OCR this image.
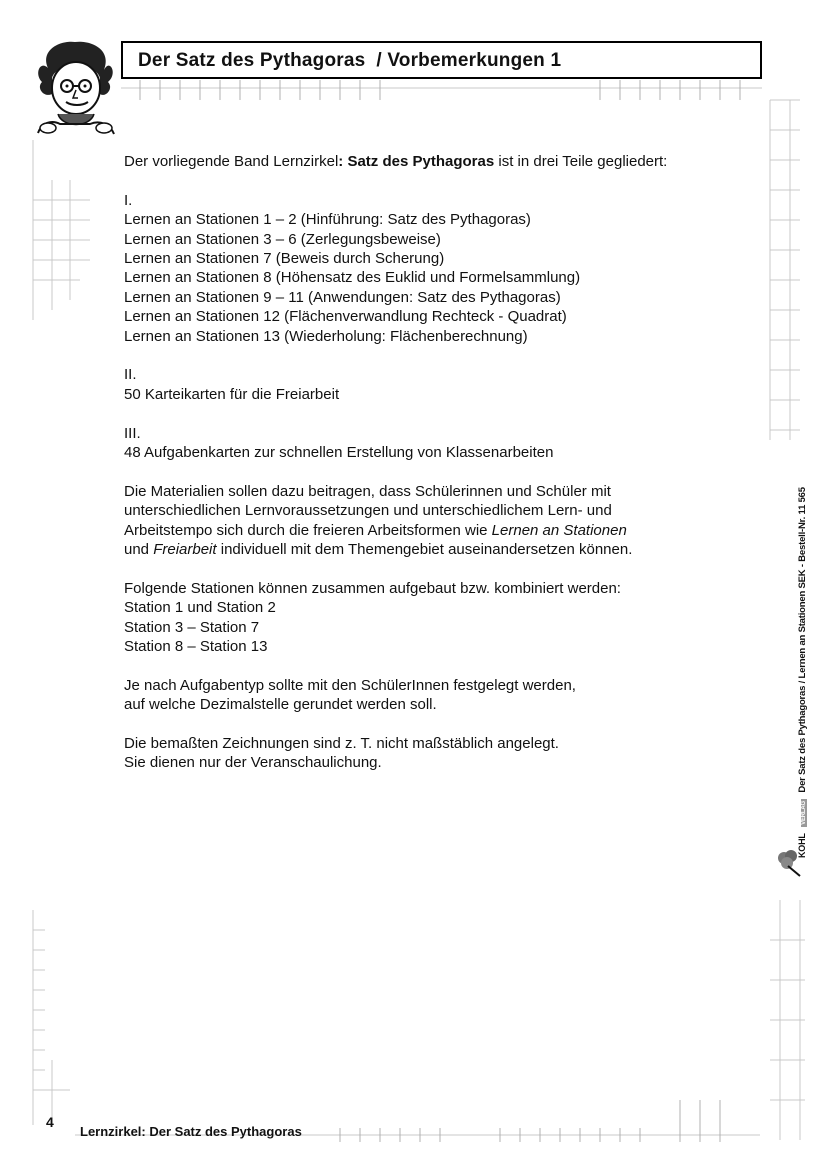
Der Satz des Pythagoras  / Vorbemerkungen 1

Der vorliegende Band Lernzirkel: Satz des Pythagoras ist in drei Teile gegliedert:

I.

Lernen an Stationen 1 – 2 (Hinführung: Satz des Pythagoras)

Lernen an Stationen 3 – 6 (Zerlegungsbeweise)

Lernen an Stationen 7 (Beweis durch Scherung)

Lernen an Stationen 8 (Höhensatz des Euklid und Formelsammlung)

Lernen an Stationen 9 – 11 (Anwendungen: Satz des Pythagoras)

Lernen an Stationen 12 (Flächenverwandlung Rechteck - Quadrat)

Lernen an Stationen 13 (Wiederholung: Flächenberechnung)

II.

50 Karteikarten für die Freiarbeit

III.

48 Aufgabenkarten zur schnellen Erstellung von Klassenarbeiten

Die Materialien sollen dazu beitragen, dass Schülerinnen und Schüler mit

unterschiedlichen Lernvoraussetzungen und unterschiedlichem Lern- und

Arbeitstempo sich durch die freieren Arbeitsformen wie Lernen an Stationen

und Freiarbeit individuell mit dem Themengebiet auseinandersetzen können.

Folgende Stationen können zusammen aufgebaut bzw. kombiniert werden:

Station 1 und Station 2

Station 3 – Station 7

Station 8 – Station 13

Je nach Aufgabentyp sollte mit den SchülerInnen festgelegt werden,

auf welche Dezimalstelle gerundet werden soll.

Die bemaßten Zeichnungen sind z. T. nicht maßstäblich angelegt.

Sie dienen nur der Veranschaulichung.

KOHL VERLAG Der Satz des Pythagoras / Lernen an Stationen SEK - Bestell-Nr. 11 565
4
Lernzirkel: Der Satz des Pythagoras
